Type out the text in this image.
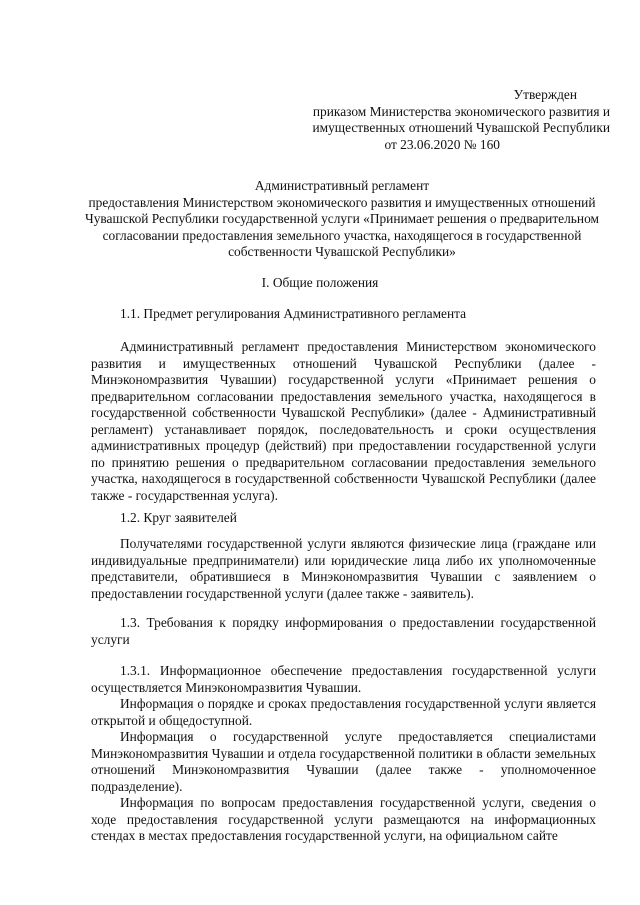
Утвержден
приказом Министерства экономического развития и
имущественных отношений Чувашской Республики
от 23.06.2020 № 160
Административный регламент
предоставления Министерством экономического развития и имущественных отношений Чувашской Республики государственной услуги «Принимает решения о предварительном согласовании предоставления земельного участка, находящегося в государственной собственности Чувашской Республики»
I. Общие положения
1.1. Предмет регулирования Административного регламента
Административный регламент предоставления Министерством экономического развития и имущественных отношений Чувашской Республики (далее - Минэкономразвития Чувашии) государственной услуги «Принимает решения о предварительном согласовании предоставления земельного участка, находящегося в государственной собственности Чувашской Республики» (далее - Административный регламент) устанавливает порядок, последовательность и сроки осуществления административных процедур (действий) при предоставлении государственной услуги по принятию решения о предварительном согласовании предоставления земельного участка, находящегося в государственной собственности Чувашской Республики (далее также - государственная услуга).
1.2. Круг заявителей
Получателями государственной услуги являются физические лица (граждане или индивидуальные предприниматели) или юридические лица либо их уполномоченные представители, обратившиеся в Минэкономразвития Чувашии с заявлением о предоставлении государственной услуги (далее также - заявитель).
1.3. Требования к порядку информирования о предоставлении государственной услуги

1.3.1. Информационное обеспечение предоставления государственной услуги осуществляется Минэкономразвития Чувашии.

Информация о порядке и сроках предоставления государственной услуги является открытой и общедоступной.

Информация о государственной услуге предоставляется специалистами Минэкономразвития Чувашии и отдела государственной политики в области земельных отношений Минэкономразвития Чувашии (далее также - уполномоченное подразделение).

Информация по вопросам предоставления государственной услуги, сведения о ходе предоставления государственной услуги размещаются на информационных стендах в местах предоставления государственной услуги, на официальном сайте
